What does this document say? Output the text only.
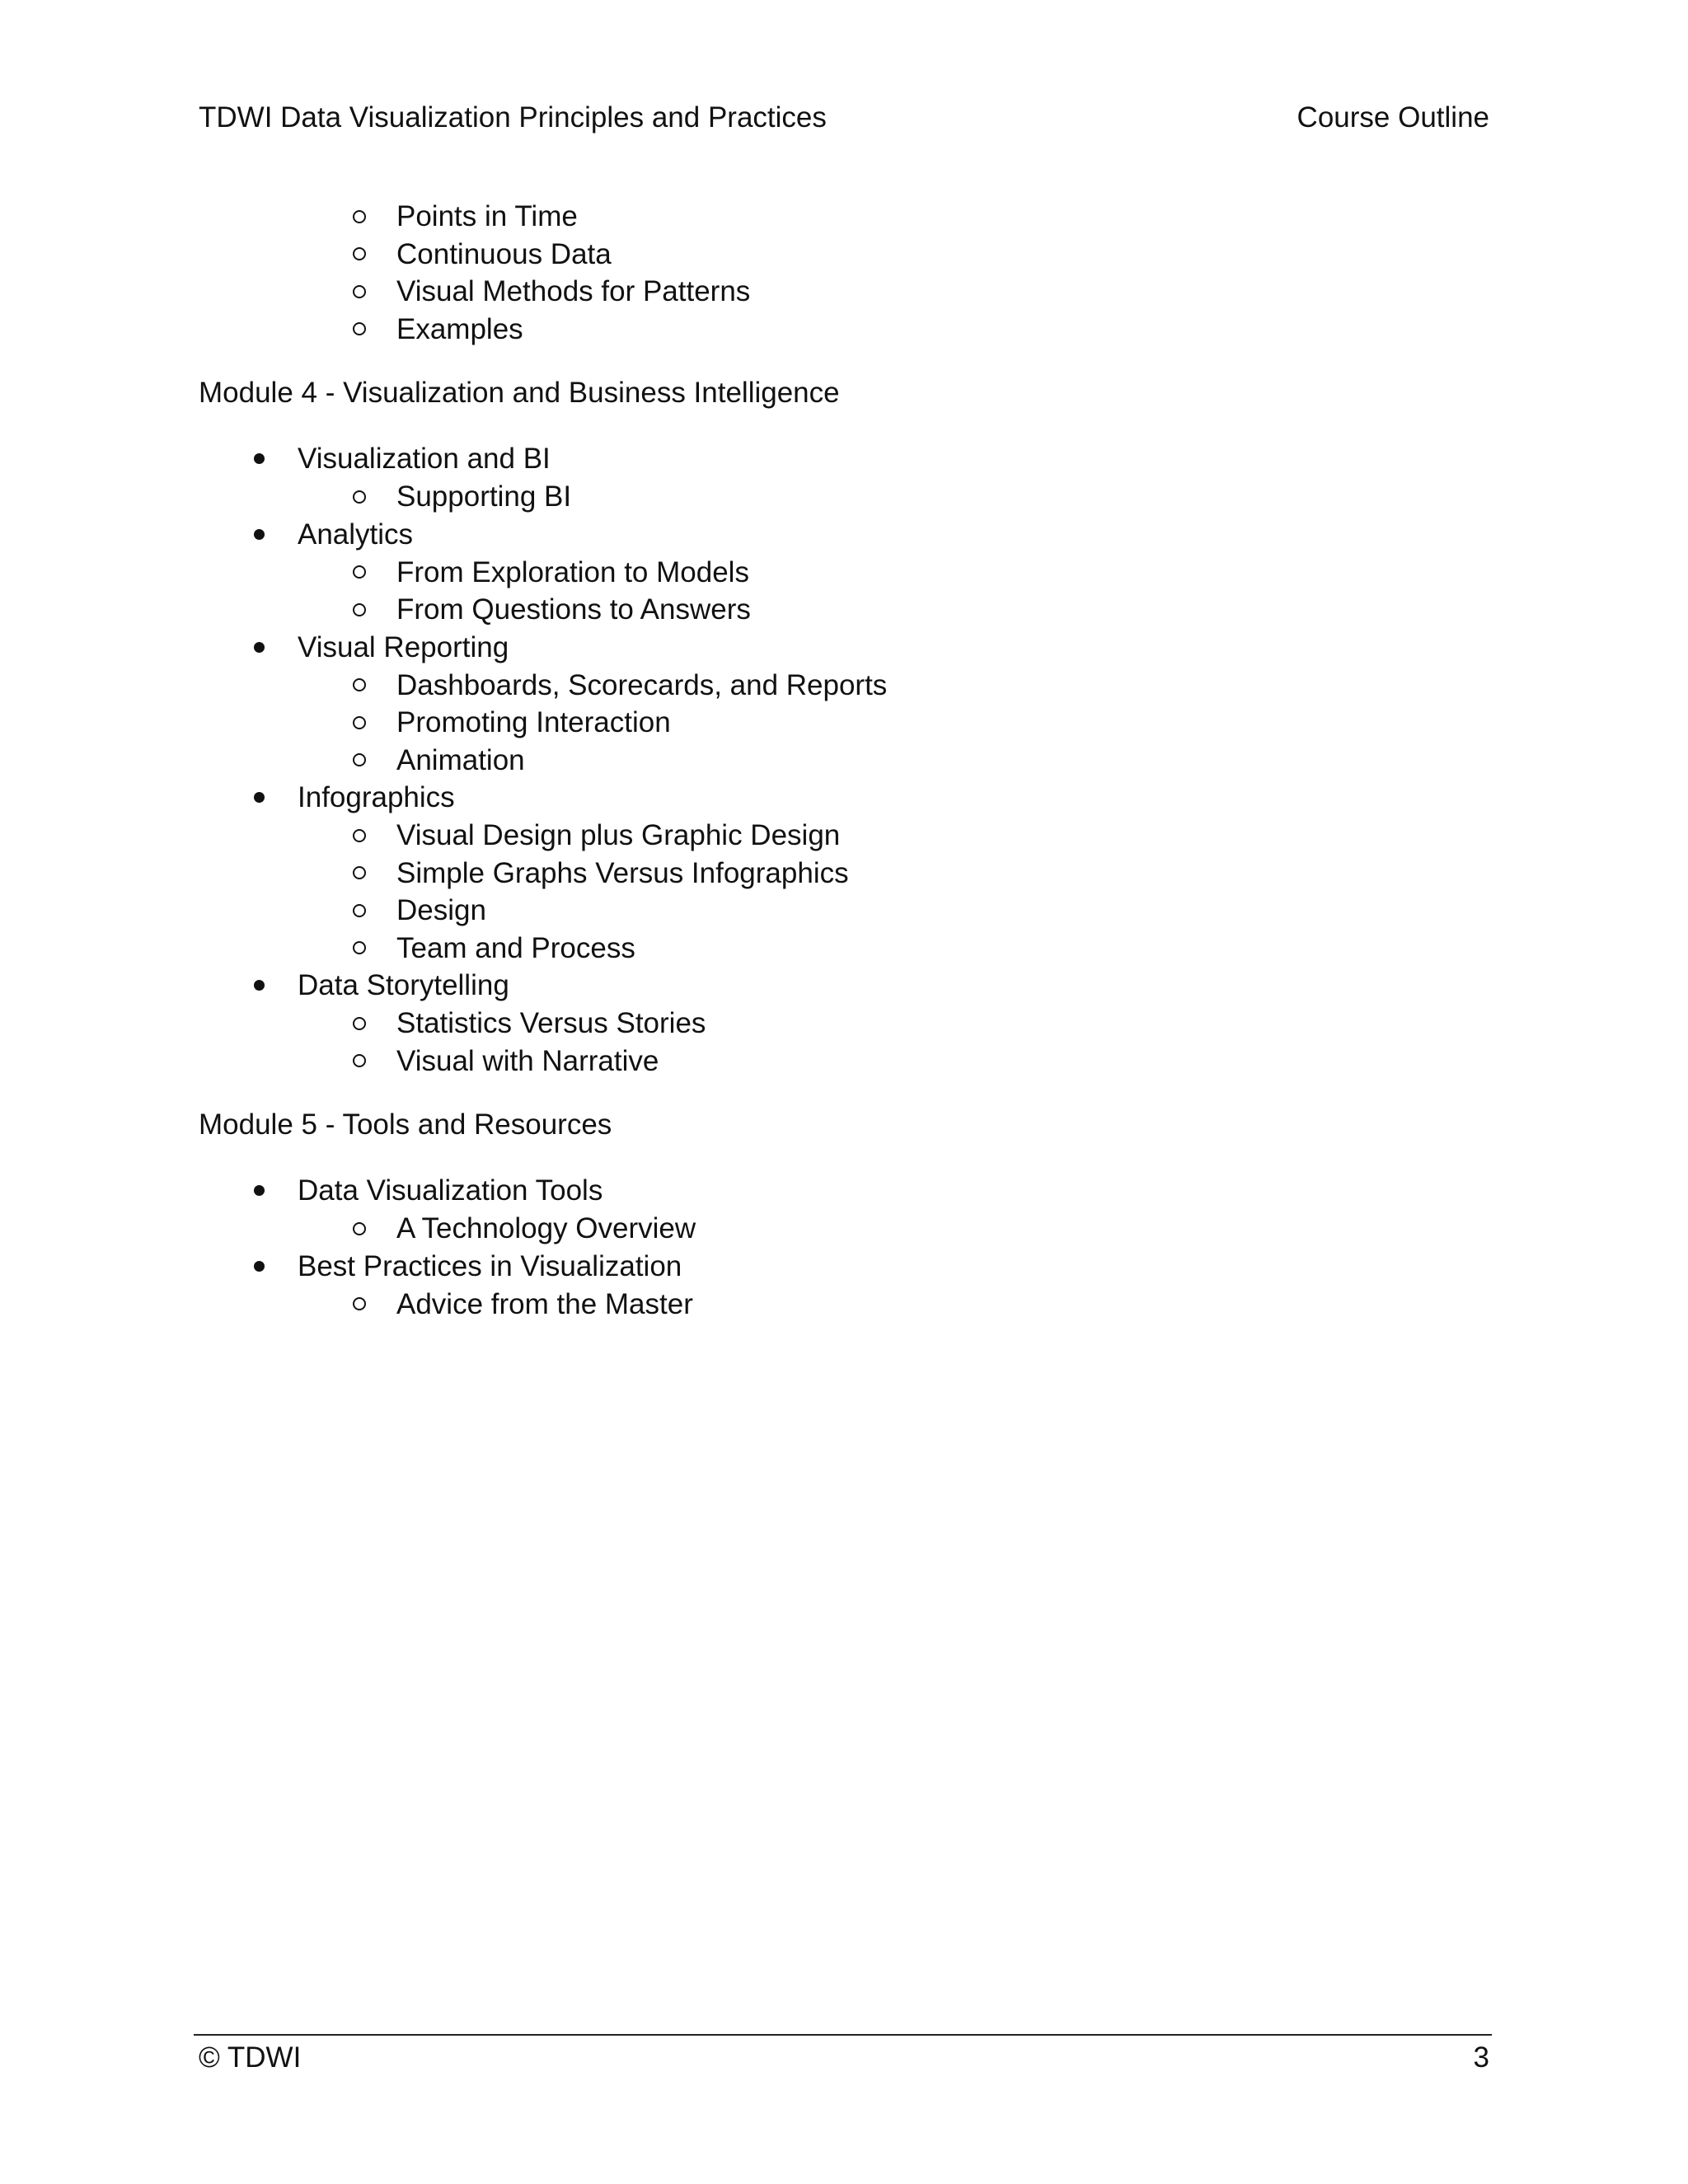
TDWI Data Visualization Principles and Practices	Course Outline
Points in Time
Continuous Data
Visual Methods for Patterns
Examples
Module 4 - Visualization and Business Intelligence
Visualization and BI
Supporting BI
Analytics
From Exploration to Models
From Questions to Answers
Visual Reporting
Dashboards, Scorecards, and Reports
Promoting Interaction
Animation
Infographics
Visual Design plus Graphic Design
Simple Graphs Versus Infographics
Design
Team and Process
Data Storytelling
Statistics Versus Stories
Visual with Narrative
Module 5 - Tools and Resources
Data Visualization Tools
A Technology Overview
Best Practices in Visualization
Advice from the Master
© TDWI	3
